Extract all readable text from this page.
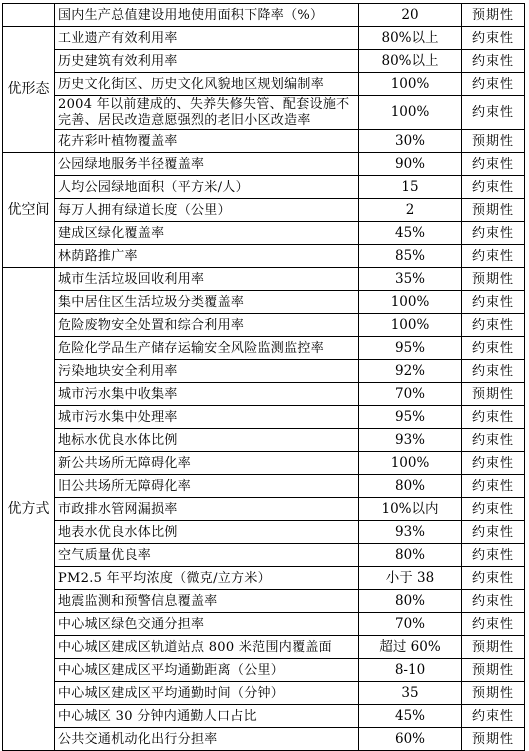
	国内生产总值建设用地使用面积下降率（%）	20	预期性
优形态	工业遗产有效利用率	80%以上	约束性
	历史建筑有效利用率	80%以上	约束性
	历史文化街区、历史文化风貌地区规划编制率	100%	约束性
	2004 年以前建成的、失养失修失管、配套设施不完善、居民改造意愿强烈的老旧小区改造率	100%	约束性
	花卉彩叶植物覆盖率	30%	预期性
优空间	公园绿地服务半径覆盖率	90%	约束性
	人均公园绿地面积（平方米/人）	15	约束性
	每万人拥有绿道长度（公里）	2	预期性
	建成区绿化覆盖率	45%	约束性
	林荫路推广率	85%	约束性
优方式	城市生活垃圾回收利用率	35%	预期性
	集中居住区生活垃圾分类覆盖率	100%	约束性
	危险废物安全处置和综合利用率	100%	约束性
	危险化学品生产储存运输安全风险监测监控率	95%	约束性
	污染地块安全利用率	92%	约束性
	城市污水集中收集率	70%	预期性
	城市污水集中处理率	95%	约束性
	地标水优良水体比例	93%	约束性
	新公共场所无障碍化率	100%	约束性
	旧公共场所无障碍化率	80%	约束性
	市政排水管网漏损率	10%以内	约束性
	地表水优良水体比例	93%	约束性
	空气质量优良率	80%	约束性
	PM2.5 年平均浓度（微克/立方米）	小于 38	约束性
	地震监测和预警信息覆盖率	80%	约束性
	中心城区绿色交通分担率	70%	约束性
	中心城区建成区轨道站点 800 米范围内覆盖面	超过 60%	预期性
	中心城区建成区平均通勤距离（公里）	8-10	预期性
	中心城区建成区平均通勤时间（分钟）	35	预期性
	中心城区 30 分钟内通勤人口占比	45%	约束性
	公共交通机动化出行分担率	60%	预期性
